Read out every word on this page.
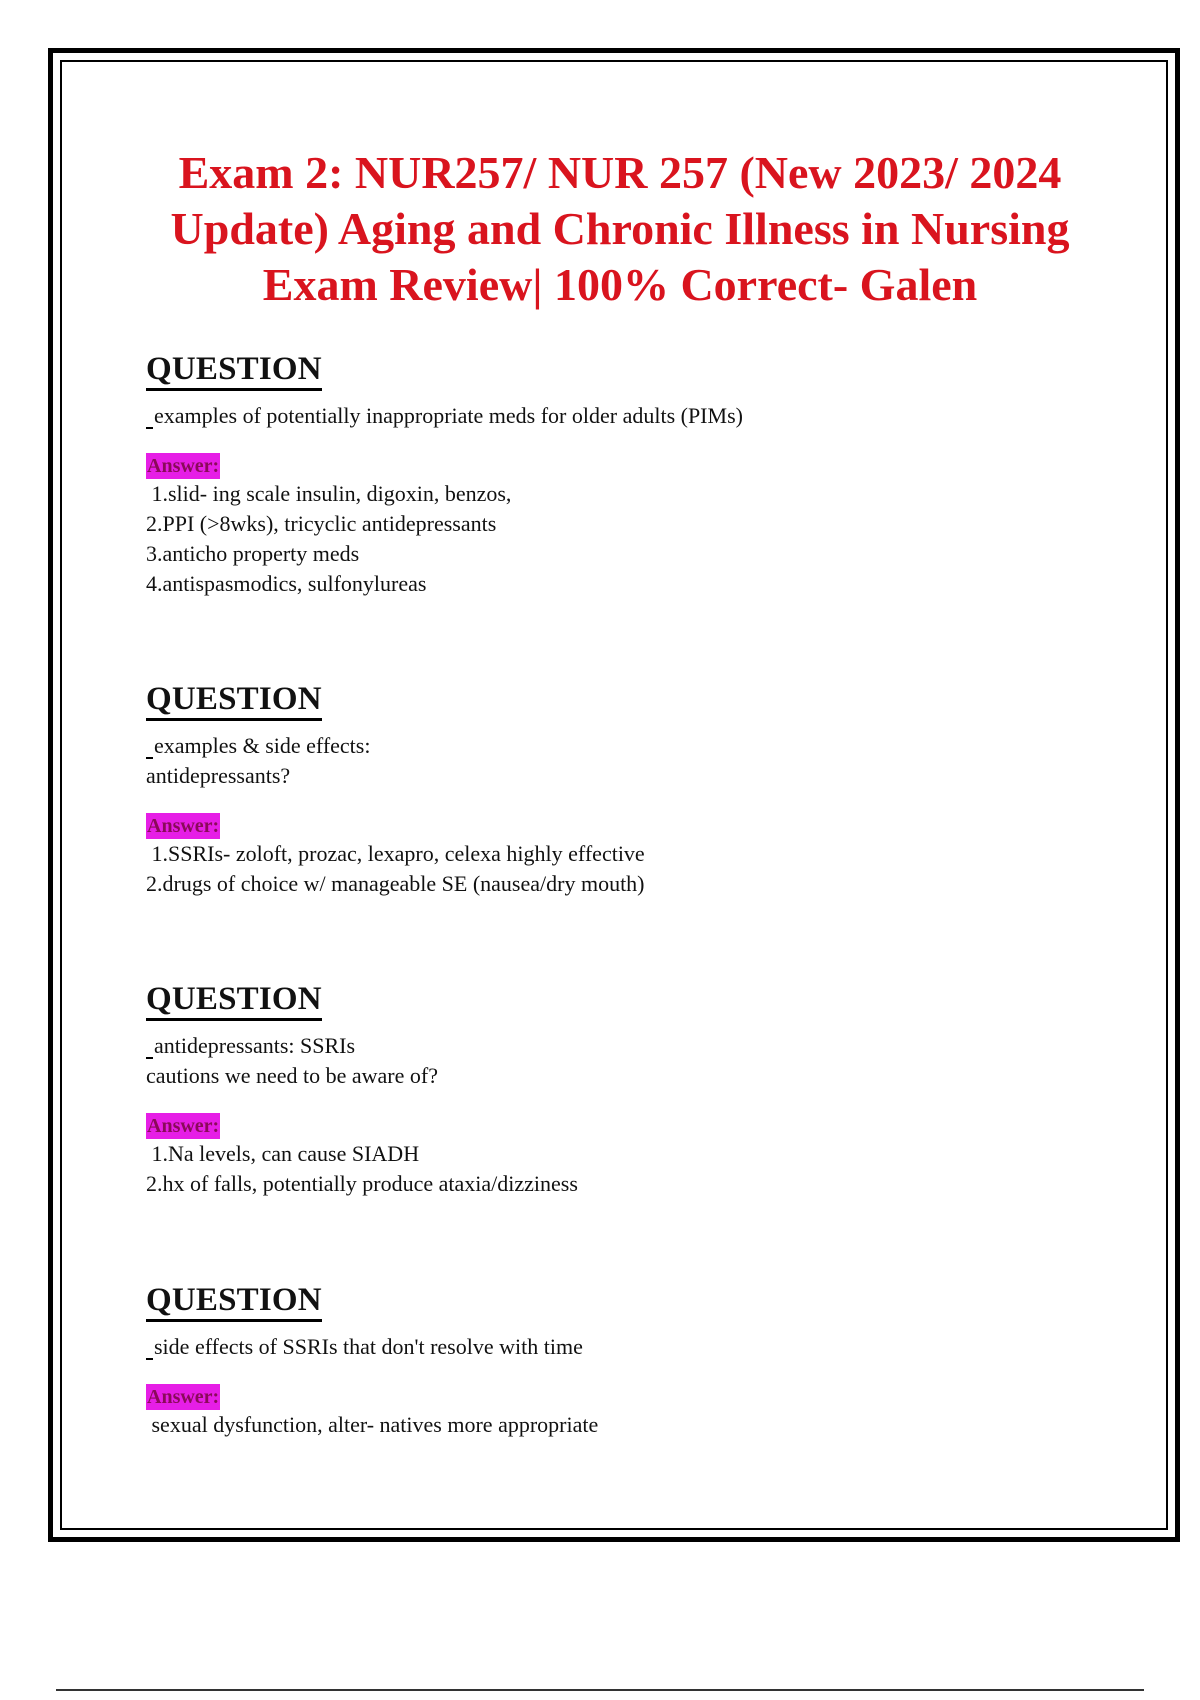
Exam 2: NUR257/ NUR 257 (New 2023/ 2024 Update) Aging and Chronic Illness in Nursing Exam Review| 100% Correct- Galen
QUESTION

examples of potentially inappropriate meds for older adults (PIMs)

Answer:

1.slid- ing scale insulin, digoxin, benzos,

2.PPI (>8wks), tricyclic antidepressants

3.anticho property meds

4.antispasmodics, sulfonylureas

QUESTION

examples & side effects:
antidepressants?

Answer:

1.SSRIs- zoloft, prozac, lexapro, celexa highly effective

2.drugs of choice w/ manageable SE (nausea/dry mouth)

QUESTION

antidepressants: SSRIs
cautions we need to be aware of?

Answer:

1.Na levels, can cause SIADH

2.hx of falls, potentially produce ataxia/dizziness

QUESTION

side effects of SSRIs that don't resolve with time

Answer:

sexual dysfunction, alter- natives more appropriate
